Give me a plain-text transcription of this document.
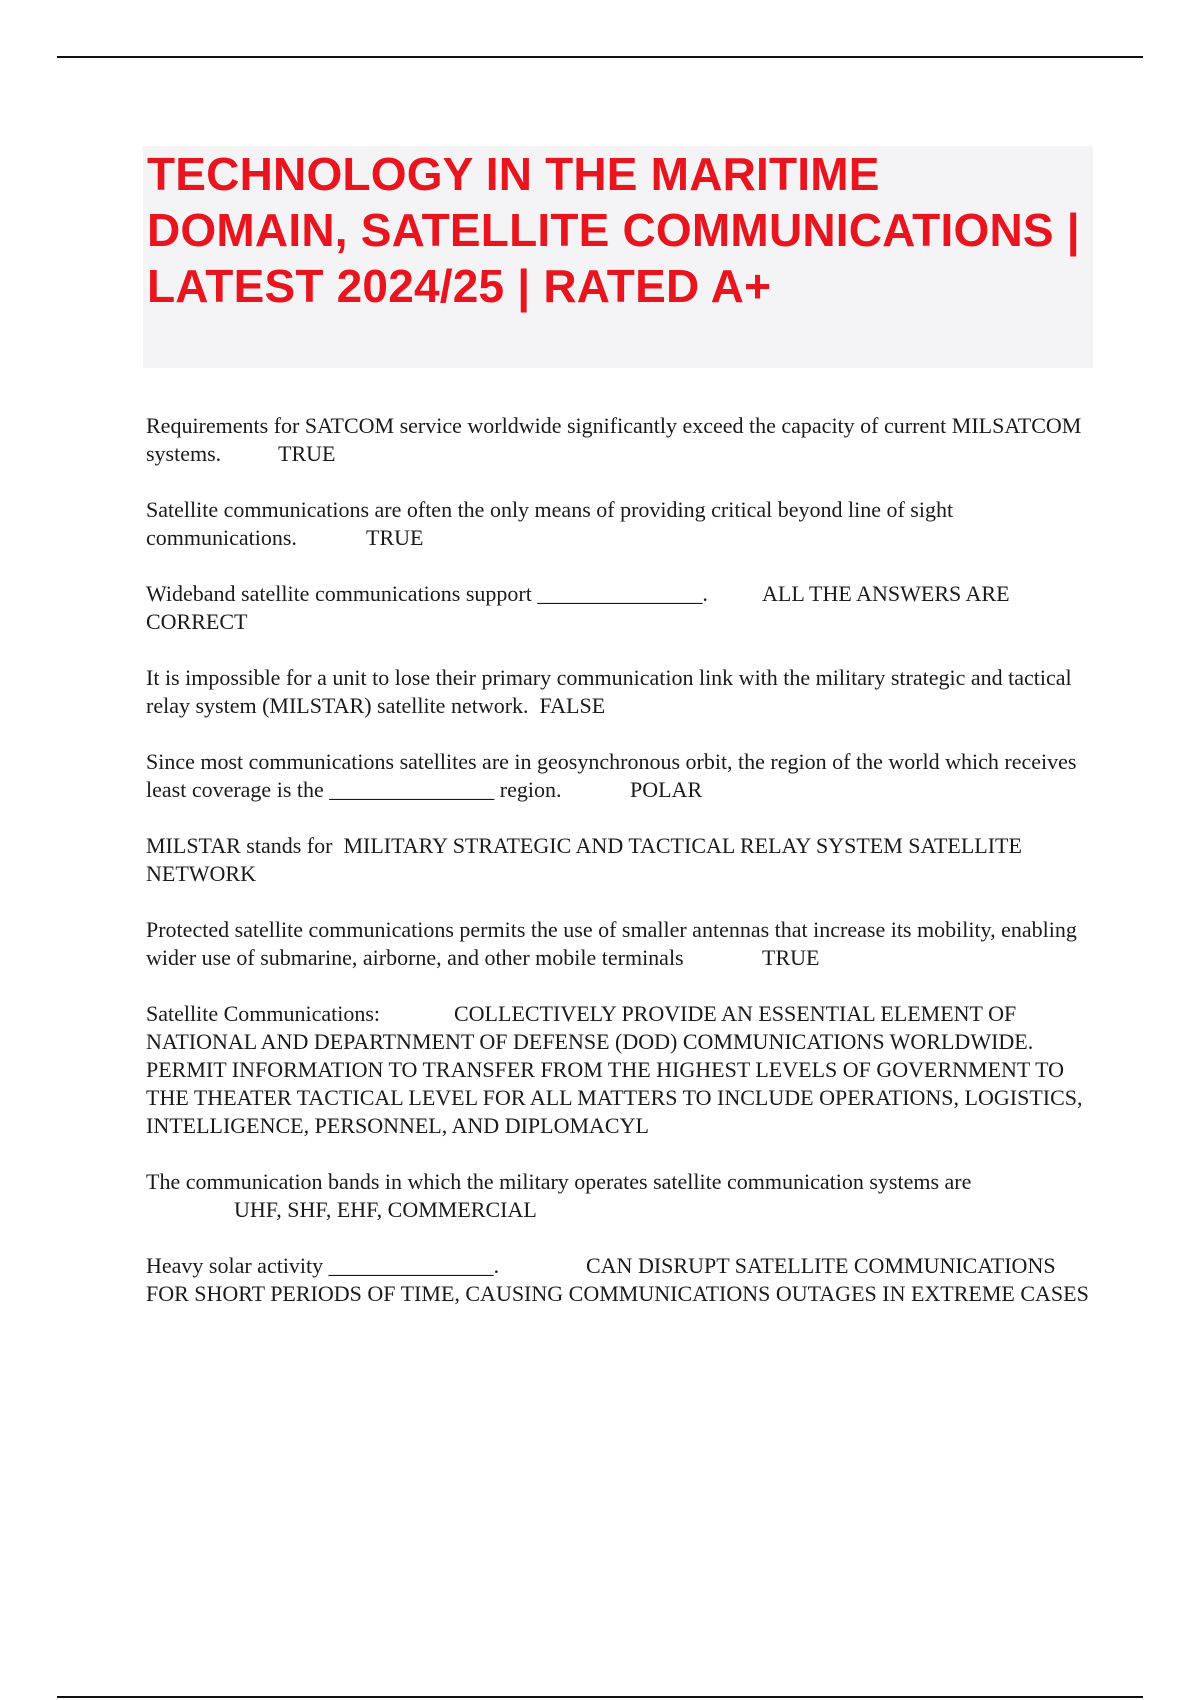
TECHNOLOGY IN THE MARITIME DOMAIN, SATELLITE COMMUNICATIONS | LATEST 2024/25 | RATED A+

Requirements for SATCOM service worldwide significantly exceed the capacity of current MILSATCOM systems.		TRUE

Satellite communications are often the only means of providing critical beyond line of sight communications.		TRUE

Wideband satellite communications support _______________.		ALL THE ANSWERS ARE CORRECT

It is impossible for a unit to lose their primary communication link with the military strategic and tactical relay system (MILSTAR) satellite network.  FALSE

Since most communications satellites are in geosynchronous orbit, the region of the world which receives least coverage is the _______________ region.		POLAR

MILSTAR stands for  MILITARY STRATEGIC AND TACTICAL RELAY SYSTEM SATELLITE NETWORK

Protected satellite communications permits the use of smaller antennas that increase its mobility, enabling wider use of submarine, airborne, and other mobile terminals		TRUE

Satellite Communications:		COLLECTIVELY PROVIDE AN ESSENTIAL ELEMENT OF NATIONAL AND DEPARTNMENT OF DEFENSE (DOD) COMMUNICATIONS WORLDWIDE.
PERMIT INFORMATION TO TRANSFER FROM THE HIGHEST LEVELS OF GOVERNMENT TO THE THEATER TACTICAL LEVEL FOR ALL MATTERS TO INCLUDE OPERATIONS, LOGISTICS, INTELLIGENCE, PERSONNEL, AND DIPLOMACYL

The communication bands in which the military operates satellite communication systems are
		UHF, SHF, EHF, COMMERCIAL

Heavy solar activity _______________.		CAN DISRUPT SATELLITE COMMUNICATIONS FOR SHORT PERIODS OF TIME, CAUSING COMMUNICATIONS OUTAGES IN EXTREME CASES
